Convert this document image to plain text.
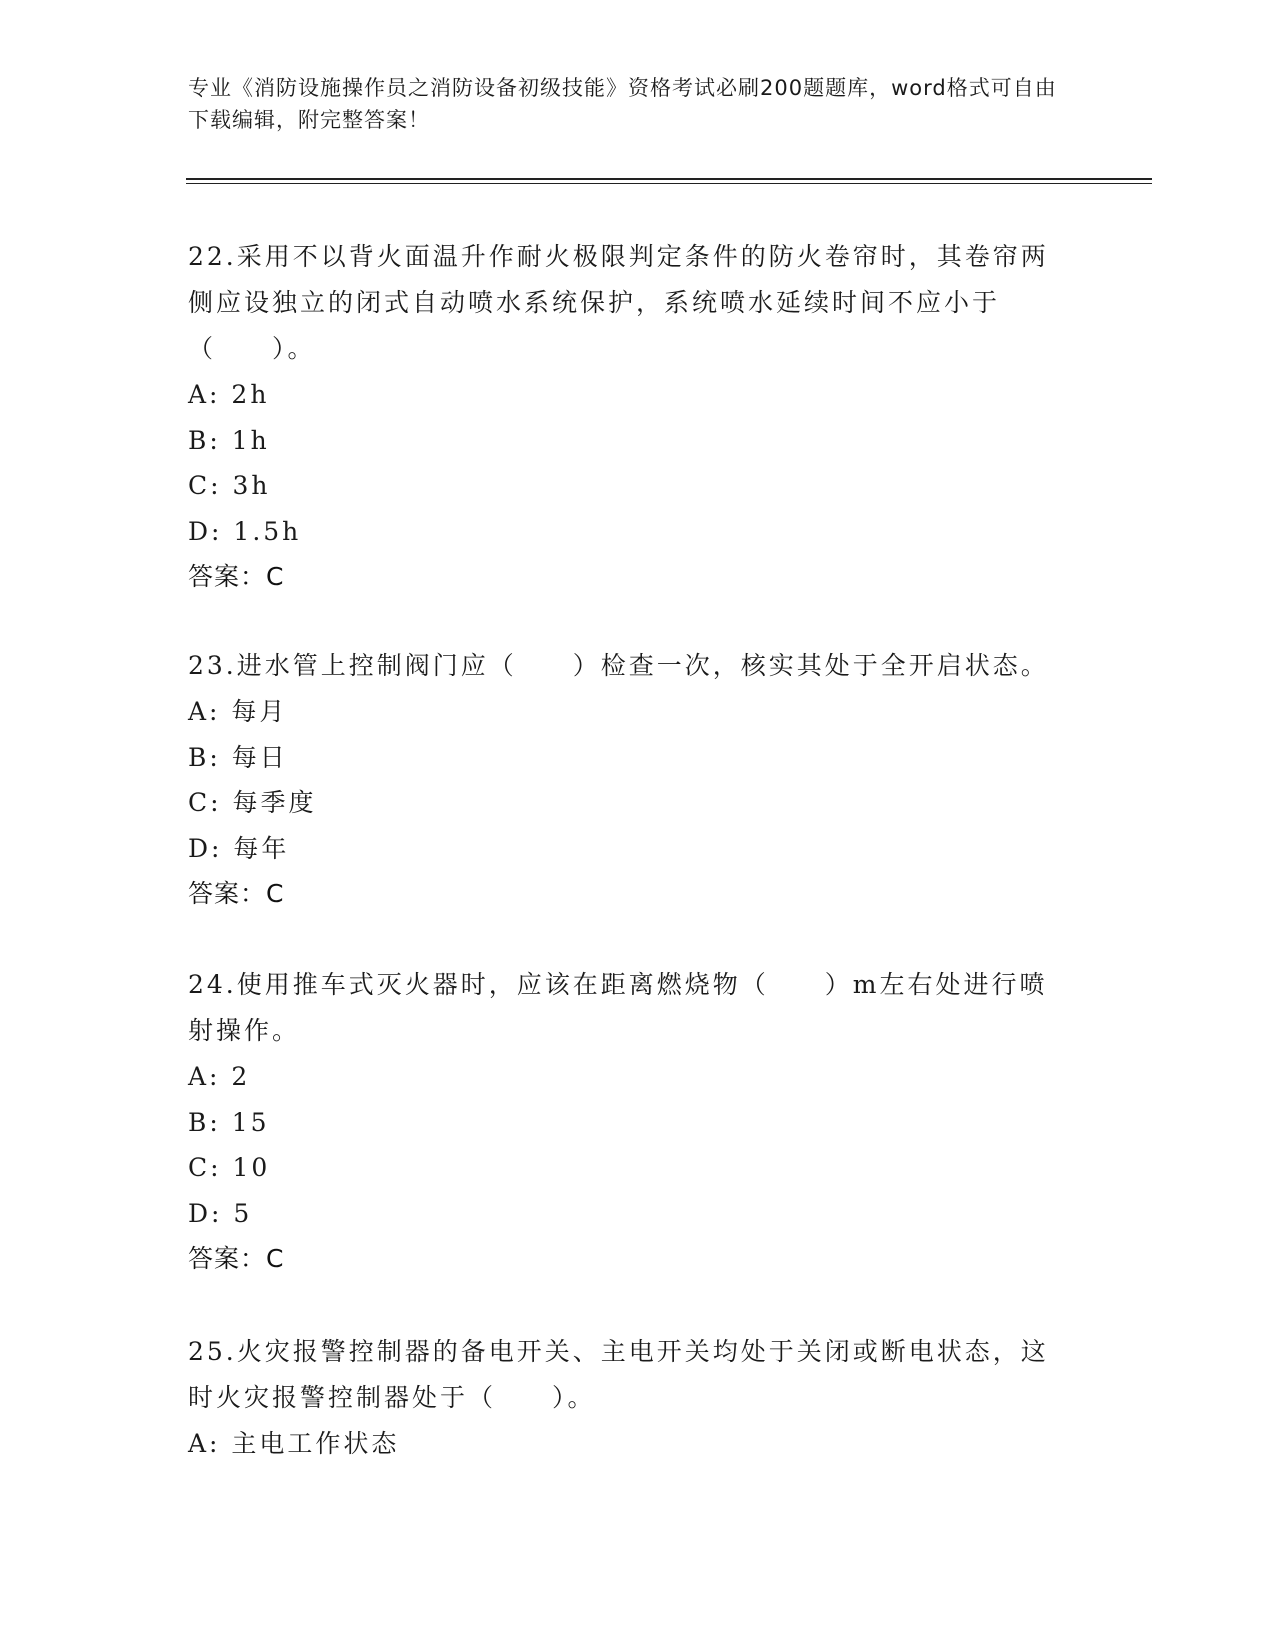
专业《消防设施操作员之消防设备初级技能》资格考试必刷200题题库，word格式可自由下载编辑，附完整答案！

22.采用不以背火面温升作耐火极限判定条件的防火卷帘时，其卷帘两侧应设独立的闭式自动喷水系统保护，系统喷水延续时间不应小于（　　）。

A: 2h

B: 1h

C: 3h

D: 1.5h

答案：C

23.进水管上控制阀门应（　　）检查一次，核实其处于全开启状态。

A: 每月

B: 每日

C: 每季度

D: 每年

答案：C

24.使用推车式灭火器时，应该在距离燃烧物（　　）m左右处进行喷射操作。

A: 2

B: 15

C: 10

D: 5

答案：C

25.火灾报警控制器的备电开关、主电开关均处于关闭或断电状态，这时火灾报警控制器处于（　　）。

A: 主电工作状态
